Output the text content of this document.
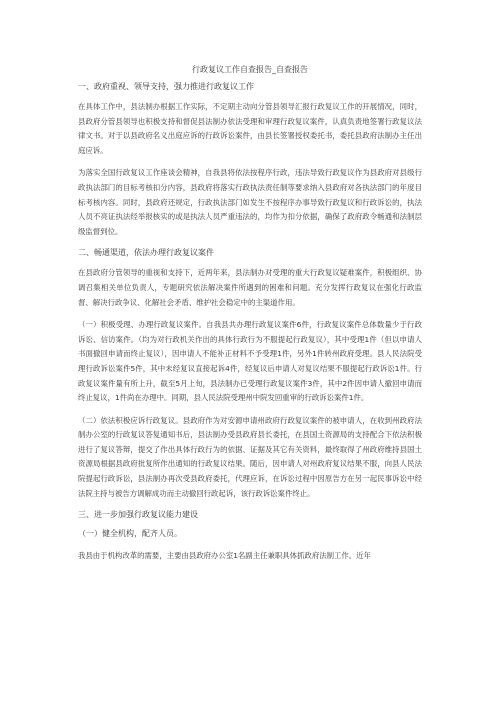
行政复议工作自查报告_自查报告
一、政府重视、领导支持，强力推进行政复议工作

在具体工作中，县法制办根据工作实际，不定期主动向分管县领导汇报行政复议工作的开展情况，同时，县政府分管县领导也积极支持和督促县法制办依法受理和审理行政复议案件，认真负责地签署行政复议法律文书。对于以县政府名义出庭应诉的行政诉讼案件，由县长签署授权委托书，委托县政府法制办主任出庭应诉。

为落实全国行政复议工作座谈会精神，自我县将依法按程序行政，违法导致行政复议作为县政府对县级行政执法部门的目标考核扣分内容，县政府将落实行政执法责任制等要求纳入县政府对各执法部门的年度目标考核内容。同时，县政府还规定，行政执法部门如发生不按程序办事导致行政复议和行政诉讼的，执法人员不亮证执法经举报核实的或是执法人员严重违法的，均作为扣分依据，确保了政府政令畅通和法制层级监督到位。

二、畅通渠道，依法办理行政复议案件

在县政府分管领导的重视和支持下，近两年来，县法制办对受理的重大行政复议疑难案件，积极组织、协调召集相关单位负责人，专题研究依法解决案件所遇到的困难和问题。充分发挥行政复议在强化行政监督、解决行政争议、化解社会矛盾、维护社会稳定中的主渠道作用。

（一）积极受理、办理行政复议案件。自我县共办理行政复议案件6件，行政复议案件总体数量少于行政诉讼、信访案件。（均为对行政机关作出的具体行政行为不服提起行政复议），其中受理1件（但以申请人书面撤回申请而终止复议），因申请人不能补正材料不予受理1件，另外1件转州政府受理。县人民法院受理行政诉讼案件5件，其中未经复议直接起诉4件，经复议后申请人对复议结果不服提起行政诉讼1件。行政复议案件量有所上升，截至5月上旬，县法制办已受理行政复议案件3件，其中2件因申请人撤回申请而终止复议，1件尚在办理中。同期，县人民法院受理州中院发回重审的行政诉讼案件1件。

（二）依法积极应诉行政复议。县政府作为对安源申请州政府行政复议案件的被申请人，在收到州政府法制办公室的行政复议答复通知书后，县法制办受县政府县长委托，在县国土资源局的支持配合下依法积极进行了复议答辩，提交了作出具体行政行为的依据、证据及其它有关资料，最终取得了州政府维持县国土资源局根据县政府批复所作出通知的行政复议结果。随后，因申请人对州政府复议结果不服，向县人民法院提起行政诉讼，县法制办再次受县政府委托，代理应诉，在诉讼过程中因原告方在另一起民事诉讼中经法院主持与被告方调解成功而主动撤回行政起诉，该行政诉讼案件终止。

三、进一步加强行政复议能力建设
（一）健全机构，配齐人员。

我县由于机构改革的需要，主要由县政府办公室1名副主任兼职具体抓政府法制工作。近年
